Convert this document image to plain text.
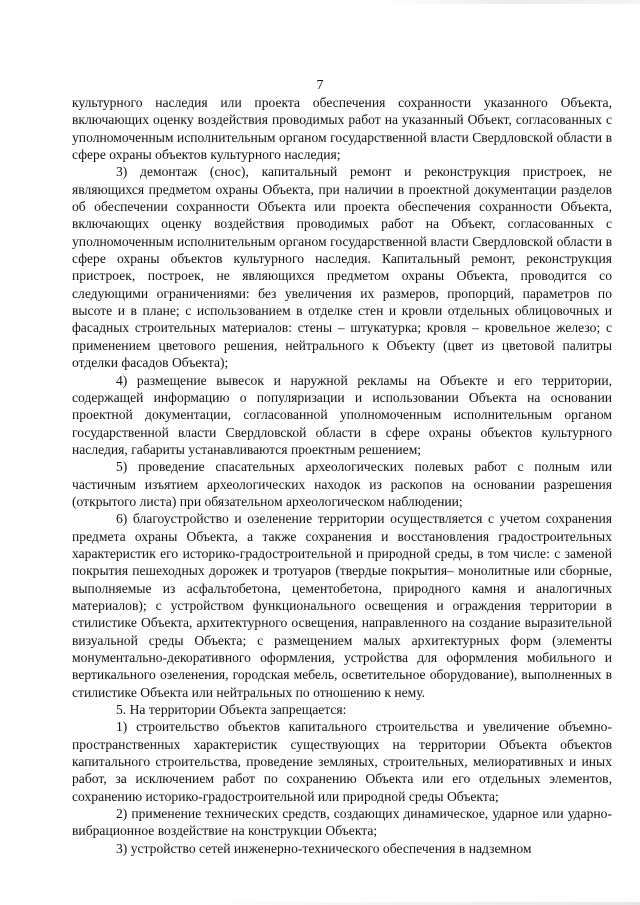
7

культурного наследия или проекта обеспечения сохранности указанного Объекта, включающих оценку воздействия проводимых работ на указанный Объект, согласованных с уполномоченным исполнительным органом государственной власти Свердловской области в сфере охраны объектов культурного наследия;

3) демонтаж (снос), капитальный ремонт и реконструкция пристроек, не являющихся предметом охраны Объекта, при наличии в проектной документации разделов об обеспечении сохранности Объекта или проекта обеспечения сохранности Объекта, включающих оценку воздействия проводимых работ на Объект, согласованных с уполномоченным исполнительным органом государственной власти Свердловской области в сфере охраны объектов культурного наследия. Капитальный ремонт, реконструкция пристроек, построек, не являющихся предметом охраны Объекта, проводится со следующими ограничениями: без увеличения их размеров, пропорций, параметров по высоте и в плане; с использованием в отделке стен и кровли отдельных облицовочных и фасадных строительных материалов: стены – штукатурка; кровля – кровельное железо; с применением цветового решения, нейтрального к Объекту (цвет из цветовой палитры отделки фасадов Объекта);

4) размещение вывесок и наружной рекламы на Объекте и его территории, содержащей информацию о популяризации и использовании Объекта на основании проектной документации, согласованной уполномоченным исполнительным органом государственной власти Свердловской области в сфере охраны объектов культурного наследия, габариты устанавливаются проектным решением;

5) проведение спасательных археологических полевых работ с полным или частичным изъятием археологических находок из раскопов на основании разрешения (открытого листа) при обязательном археологическом наблюдении;

6) благоустройство и озеленение территории осуществляется с учетом сохранения предмета охраны Объекта, а также сохранения и восстановления градостроительных характеристик его историко-градостроительной и природной среды, в том числе: с заменой покрытия пешеходных дорожек и тротуаров (твердые покрытия– монолитные или сборные, выполняемые из асфальтобетона, цементобетона, природного камня и аналогичных материалов); с устройством функционального освещения и ограждения территории в стилистике Объекта, архитектурного освещения, направленного на создание выразительной визуальной среды Объекта; с размещением малых архитектурных форм (элементы монументально-декоративного оформления, устройства для оформления мобильного и вертикального озеленения, городская мебель, осветительное оборудование), выполненных в стилистике Объекта или нейтральных по отношению к нему.

5. На территории Объекта запрещается:

1) строительство объектов капитального строительства и увеличение объемно-пространственных характеристик существующих на территории Объекта объектов капитального строительства, проведение земляных, строительных, мелиоративных и иных работ, за исключением работ по сохранению Объекта или его отдельных элементов, сохранению историко-градостроительной или природной среды Объекта;

2) применение технических средств, создающих динамическое, ударное или ударно-вибрационное воздействие на конструкции Объекта;

3) устройство сетей инженерно-технического обеспечения в надземном
